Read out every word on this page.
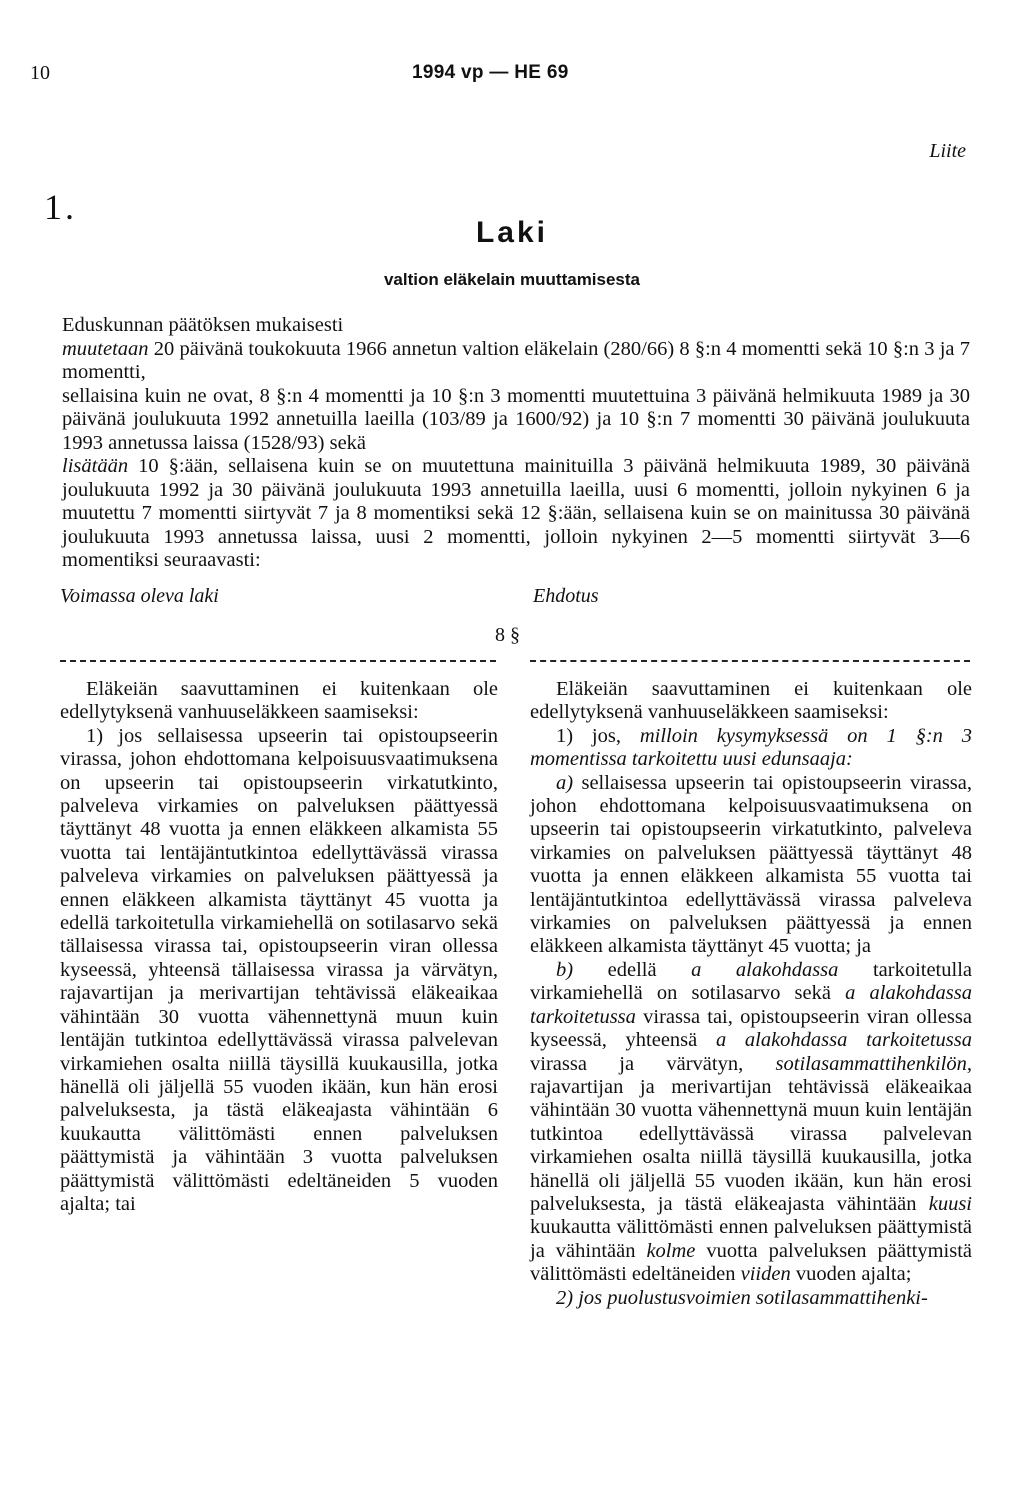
10	1994 vp — HE 69
Liite
1.
Laki
valtion eläkelain muuttamisesta

Eduskunnan päätöksen mukaisesti

muutetaan 20 päivänä toukokuuta 1966 annetun valtion eläkelain (280/66) 8 §:n 4 momentti sekä 10 §:n 3 ja 7 momentti,

sellaisina kuin ne ovat, 8 §:n 4 momentti ja 10 §:n 3 momentti muutettuina 3 päivänä helmikuuta 1989 ja 30 päivänä joulukuuta 1992 annetuilla laeilla (103/89 ja 1600/92) ja 10 §:n 7 momentti 30 päivänä joulukuuta 1993 annetussa laissa (1528/93) sekä

lisätään 10 §:ään, sellaisena kuin se on muutettuna mainituilla 3 päivänä helmikuuta 1989, 30 päivänä joulukuuta 1992 ja 30 päivänä joulukuuta 1993 annetuilla laeilla, uusi 6 momentti, jolloin nykyinen 6 ja muutettu 7 momentti siirtyvät 7 ja 8 momentiksi sekä 12 §:ään, sellaisena kuin se on mainitussa 30 päivänä joulukuuta 1993 annetussa laissa, uusi 2 momentti, jolloin nykyinen 2—5 momentti siirtyvät 3—6 momentiksi seuraavasti:

Voimassa oleva laki	Ehdotus
8 §

Eläkeiän saavuttaminen ei kuitenkaan ole edellytyksenä vanhuuseläkkeen saamiseksi:

1) jos sellaisessa upseerin tai opistoupseerin virassa, johon ehdottomana kelpoisuusvaatimuksena on upseerin tai opistoupseerin virkatutkinto, palveleva virkamies on palveluksen päättyessä täyttänyt 48 vuotta ja ennen eläkkeen alkamista 55 vuotta tai lentäjäntutkintoa edellyttävässä virassa palveleva virkamies on palveluksen päättyessä ja ennen eläkkeen alkamista täyttänyt 45 vuotta ja edellä tarkoitetulla virkamiehellä on sotilasarvo sekä tällaisessa virassa tai, opistoupseerin viran ollessa kyseessä, yhteensä tällaisessa virassa ja värvätyn, rajavartijan ja merivartijan tehtävissä eläkeaikaa vähintään 30 vuotta vähennettynä muun kuin lentäjän tutkintoa edellyttävässä virassa palvelevan virkamiehen osalta niillä täysillä kuukausilla, jotka hänellä oli jäljellä 55 vuoden ikään, kun hän erosi palveluksesta, ja tästä eläkeajasta vähintään 6 kuukautta välittömästi ennen palveluksen päättymistä ja vähintään 3 vuotta palveluksen päättymistä välittömästi edeltäneiden 5 vuoden ajalta; tai

Eläkeiän saavuttaminen ei kuitenkaan ole edellytyksenä vanhuuseläkkeen saamiseksi:

1) jos, milloin kysymyksessä on 1 §:n 3 momentissa tarkoitettu uusi edunsaaja:

a) sellaisessa upseerin tai opistoupseerin virassa, johon ehdottomana kelpoisuusvaatimuksena on upseerin tai opistoupseerin virkatutkinto, palveleva virkamies on palveluksen päättyessä täyttänyt 48 vuotta ja ennen eläkkeen alkamista 55 vuotta tai lentäjäntutkintoa edellyttävässä virassa palveleva virkamies on palveluksen päättyessä ja ennen eläkkeen alkamista täyttänyt 45 vuotta; ja

b) edellä a alakohdassa tarkoitetulla virkamiehellä on sotilasarvo sekä a alakohdassa tarkoitetussa virassa tai, opistoupseerin viran ollessa kyseessä, yhteensä a alakohdassa tarkoitetussa virassa ja värvätyn, sotilasammattihenkilön, rajavartijan ja merivartijan tehtävissä eläkeaikaa vähintään 30 vuotta vähennettynä muun kuin lentäjän tutkintoa edellyttävässä virassa palvelevan virkamiehen osalta niillä täysillä kuukausilla, jotka hänellä oli jäljellä 55 vuoden ikään, kun hän erosi palveluksesta, ja tästä eläkeajasta vähintään kuusi kuukautta välittömästi ennen palveluksen päättymistä ja vähintään kolme vuotta palveluksen päättymistä välittömästi edeltäneiden viiden vuoden ajalta;

2) jos puolustusvoimien sotilasammattihenki-
